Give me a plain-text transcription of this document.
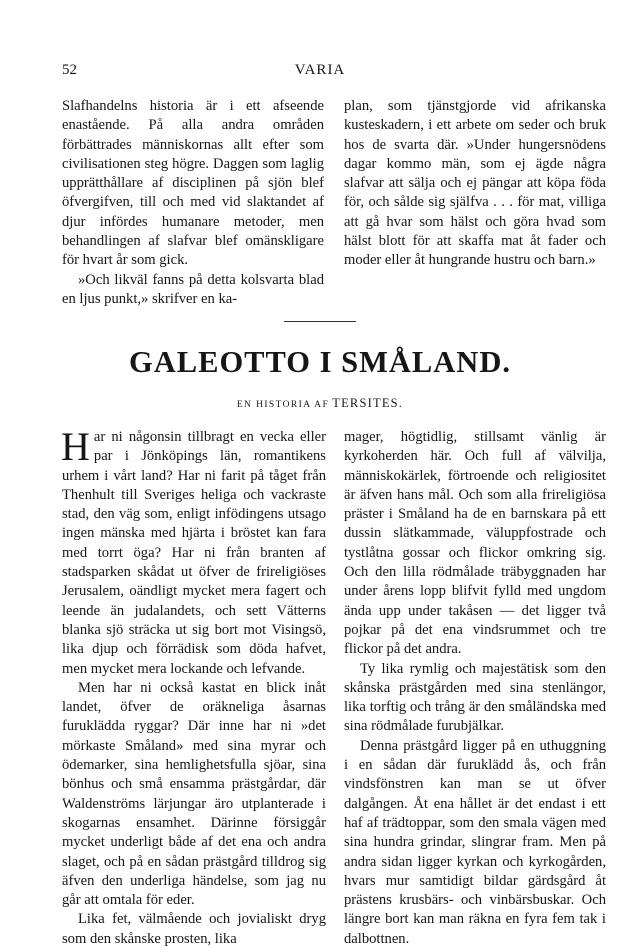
52	VARIA

Slafhandelns historia är i ett afseende enastående. På alla andra områden förbättrades människornas allt efter som civilisationen steg högre. Daggen som laglig upprätthållare af disciplinen på sjön blef öfvergifven, till och med vid slaktandet af djur infördes humanare metoder, men behandlingen af slafvar blef omänskligare för hvart år som gick.

»Och likväl fanns på detta kolsvarta blad en ljus punkt,» skrifver en ka-

plan, som tjänstgjorde vid afrikanska kusteskadern, i ett arbete om seder och bruk hos de svarta där. »Under hungersnödens dagar kommo män, som ej ägde några slafvar att sälja och ej pängar att köpa föda för, och sålde sig själfva . . . för mat, villiga att gå hvar som hälst och göra hvad som hälst blott för att skaffa mat åt fader och moder eller åt hungrande hustru och barn.»

GALEOTTO I SMÅLAND.
EN HISTORIA AF TERSITES.

Har ni någonsin tillbragt en vecka eller par i Jönköpings län, romantikens urhem i vårt land? Har ni farit på tåget från Thenhult till Sveriges heliga och vackraste stad, den väg som, enligt infödingens utsago ingen mänska med hjärta i bröstet kan fara med torrt öga? Har ni från branten af stadsparken skådat ut öfver de frireligiöses Jerusalem, oändligt mycket mera fagert och leende än judalandets, och sett Vätterns blanka sjö sträcka ut sig bort mot Visingsö, lika djup och förrädisk som döda hafvet, men mycket mera lockande och lefvande.

Men har ni också kastat en blick inåt landet, öfver de oräkneliga åsarnas furuklädda ryggar? Där inne har ni »det mörkaste Småland» med sina myrar och ödemarker, sina hemlighetsfulla sjöar, sina bönhus och små ensamma prästgårdar, där Waldenströms lärjungar äro utplanterade i skogarnas ensamhet. Därinne försiggår mycket underligt både af det ena och andra slaget, och på en sådan prästgård tilldrog sig äfven den underliga händelse, som jag nu går att omtala för eder.

Lika fet, välmående och jovialiskt dryg som den skånske prosten, lika

mager, högtidlig, stillsamt vänlig är kyrkoherden här. Och full af välvilja, människokärlek, förtroende och religiositet är äfven hans mål. Och som alla frireligiösa präster i Småland ha de en barnskara på ett dussin slätkammade, väluppfostrade och tystlåtna gossar och flickor omkring sig. Och den lilla rödmålade träbyggnaden har under årens lopp blifvit fylld med ungdom ända upp under takåsen — det ligger två pojkar på det ena vindsrummet och tre flickor på det andra.

Ty lika rymlig och majestätisk som den skånska prästgården med sina stenlängor, lika torftig och trång är den småländska med sina rödmålade furubjälkar.

Denna prästgård ligger på en uthuggning i en sådan där furuklädd ås, och från vindsfönstren kan man se ut öfver dalgången. Åt ena hållet är det endast i ett haf af trädtoppar, som den smala vägen med sina hundra grindar, slingrar fram. Men på andra sidan ligger kyrkan och kyrkogården, hvars mur samtidigt bildar gärdsgård åt prästens krusbärs- och vinbärsbuskar. Och längre bort kan man räkna en fyra fem tak i dalbottnen.
